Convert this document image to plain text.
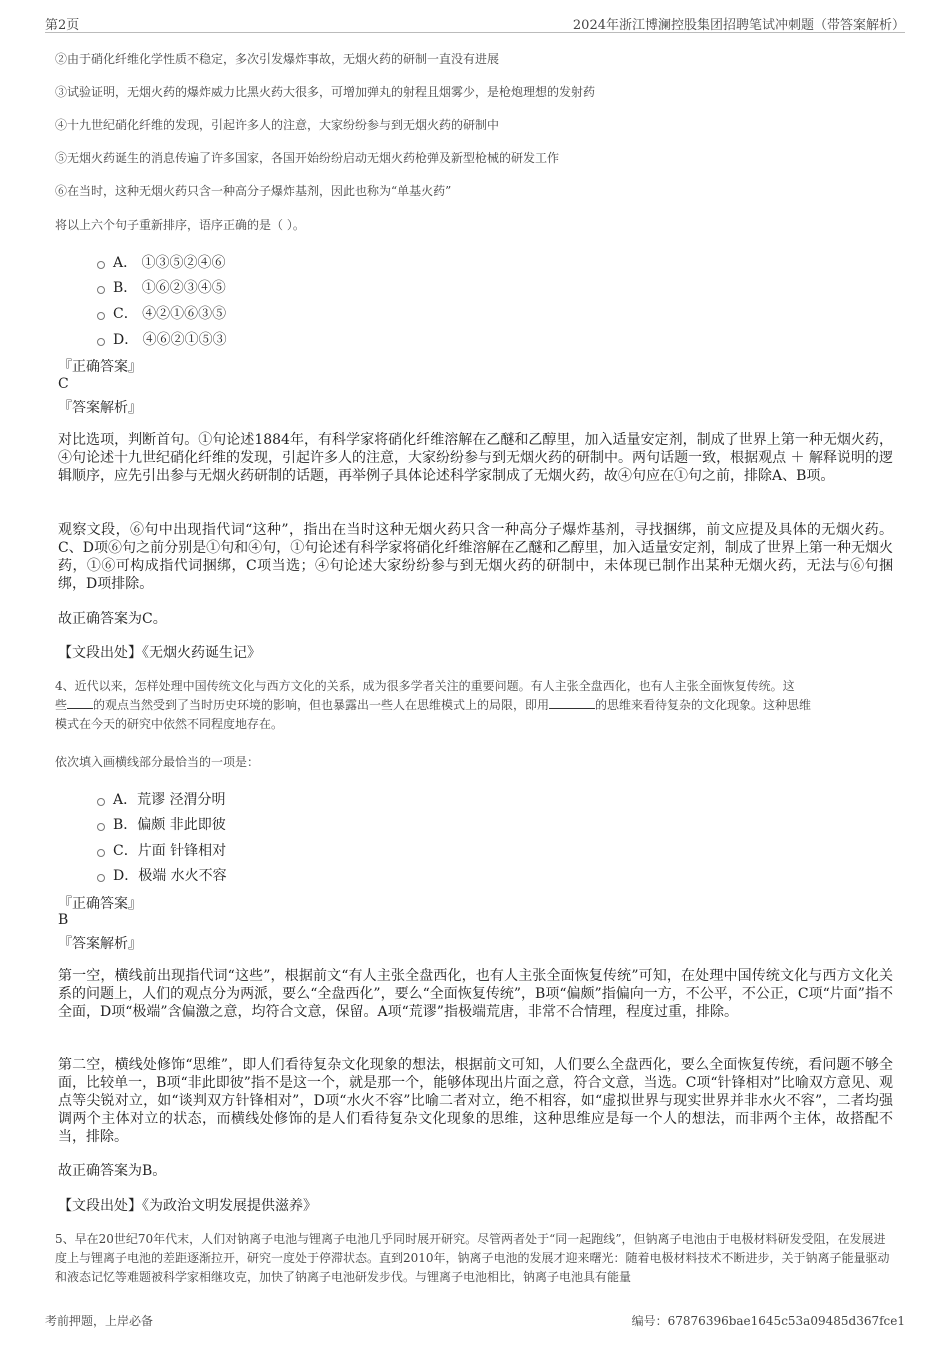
第2页	2024年浙江博澜控股集团招聘笔试冲刺题（带答案解析）
②由于硝化纤维化学性质不稳定，多次引发爆炸事故，无烟火药的研制一直没有进展
③试验证明，无烟火药的爆炸威力比黑火药大很多，可增加弹丸的射程且烟雾少，是枪炮理想的发射药
④十九世纪硝化纤维的发现，引起许多人的注意，大家纷纷参与到无烟火药的研制中
⑤无烟火药诞生的消息传遍了许多国家，各国开始纷纷启动无烟火药枪弹及新型枪械的研发工作
⑥在当时，这种无烟火药只含一种高分子爆炸基剂，因此也称为“单基火药”
将以上六个句子重新排序，语序正确的是（ ）。
A． ①③⑤②④⑥
B． ①⑥②③④⑤
C． ④②①⑥③⑤
D． ④⑥②①⑤③
『正确答案』
C
『答案解析』

对比选项，判断首句。①句论述1884年，有科学家将硝化纤维溶解在乙醚和乙醇里，加入适量安定剂，制成了世界上第一种无烟火药，④句论述十九世纪硝化纤维的发现，引起许多人的注意，大家纷纷参与到无烟火药的研制中。两句话题一致，根据观点 ＋ 解释说明的逻辑顺序，应先引出参与无烟火药研制的话题，再举例子具体论述科学家制成了无烟火药，故④句应在①句之前，排除A、B项。

观察文段，⑥句中出现指代词“这种”，指出在当时这种无烟火药只含一种高分子爆炸基剂，寻找捆绑，前文应提及具体的无烟火药。C、D项⑥句之前分别是①句和④句，①句论述有科学家将硝化纤维溶解在乙醚和乙醇里，加入适量安定剂，制成了世界上第一种无烟火药，①⑥可构成指代词捆绑，C项当选；④句论述大家纷纷参与到无烟火药的研制中，未体现已制作出某种无烟火药，无法与⑥句捆绑，D项排除。

故正确答案为C。

【文段出处】《无烟火药诞生记》
4、近代以来，怎样处理中国传统文化与西方文化的关系，成为很多学者关注的重要问题。有人主张全盘西化，也有人主张全面恢复传统。这
些 的观点当然受到了当时历史环境的影响，但也暴露出一些人在思维模式上的局限，即用	的思维来看待复杂的文化现象。这种思维
模式在今天的研究中依然不同程度地存在。
依次填入画横线部分最恰当的一项是：
A．荒谬 泾渭分明
B．偏颇 非此即彼
C．片面 针锋相对
D．极端 水火不容
『正确答案』
B
『答案解析』

第一空，横线前出现指代词“这些”，根据前文“有人主张全盘西化，也有人主张全面恢复传统”可知，在处理中国传统文化与西方文化关系的问题上，人们的观点分为两派，要么“全盘西化”，要么“全面恢复传统”，B项“偏颇”指偏向一方，不公平，不公正，C项“片面”指不全面，D项“极端”含偏激之意，均符合文意，保留。A项“荒谬”指极端荒唐，非常不合情理，程度过重，排除。

第二空，横线处修饰“思维”，即人们看待复杂文化现象的想法，根据前文可知，人们要么全盘西化，要么全面恢复传统，看问题不够全面，比较单一，B项“非此即彼”指不是这一个，就是那一个，能够体现出片面之意，符合文意，当选。C项“针锋相对”比喻双方意见、观点等尖锐对立，如“谈判双方针锋相对”，D项“水火不容”比喻二者对立，绝不相容，如“虚拟世界与现实世界并非水火不容”，二者均强调两个主体对立的状态，而横线处修饰的是人们看待复杂文化现象的思维，这种思维应是每一个人的想法，而非两个主体，故搭配不当，排除。

故正确答案为B。

【文段出处】《为政治文明发展提供滋养》

5、早在20世纪70年代末，人们对钠离子电池与锂离子电池几乎同时展开研究。尽管两者处于“同一起跑线”，但钠离子电池由于电极材料研发受阻，在发展进度上与锂离子电池的差距逐渐拉开，研究一度处于停滞状态。直到2010年，钠离子电池的发展才迎来曙光：随着电极材料技术不断进步，关于钠离子能量驱动和液态记忆等难题被科学家相继攻克，加快了钠离子电池研发步伐。与锂离子电池相比，钠离子电池具有能量

考前押题，上岸必备	编号：67876396bae1645c53a09485d367fce1
